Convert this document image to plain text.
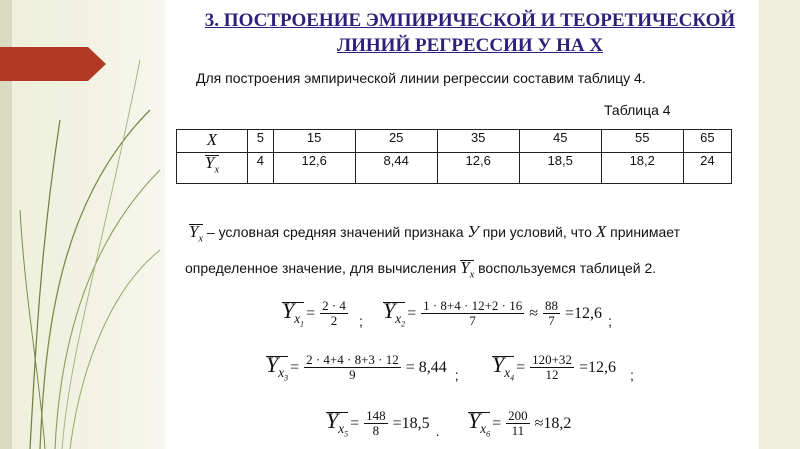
3. ПОСТРОЕНИЕ ЭМПИРИЧЕСКОЙ И ТЕОРЕТИЧЕСКОЙ
ЛИНИЙ РЕГРЕССИИ У НА Х
Для построения эмпирической линии регрессии составим таблицу 4.
Таблица 4
X	5	15	25	35	45	55	65
$Y_x$	4	12,6	8,44	12,6	18,5	18,2	24
$Y_x$ – условная средняя значений признака У при условий, что X принимает
определенное значение, для вычисления $Y_x$ воспользуемся таблицей 2.
$Y_{x_1}$
= $\frac{2 \cdot 4}{2}$ ; $Y_{x_2}$
= $\frac{1 \cdot 8+4 \cdot 12+2 \cdot 16}{7} \approx \frac{88}{7} =12,6$ ;
$Y_{x_3}$
= $\frac{2 \cdot 4+4 \cdot 8+3 \cdot 12}{9} = 8,44$ ; $Y_{x_4}$
= $\frac{120+32}{12} =12,6$ ;
$Y_{x_5}$
= $\frac{148}{8} =18,5$ . $Y_{x_6}$
= $\frac{200}{11} \approx 18,2$
